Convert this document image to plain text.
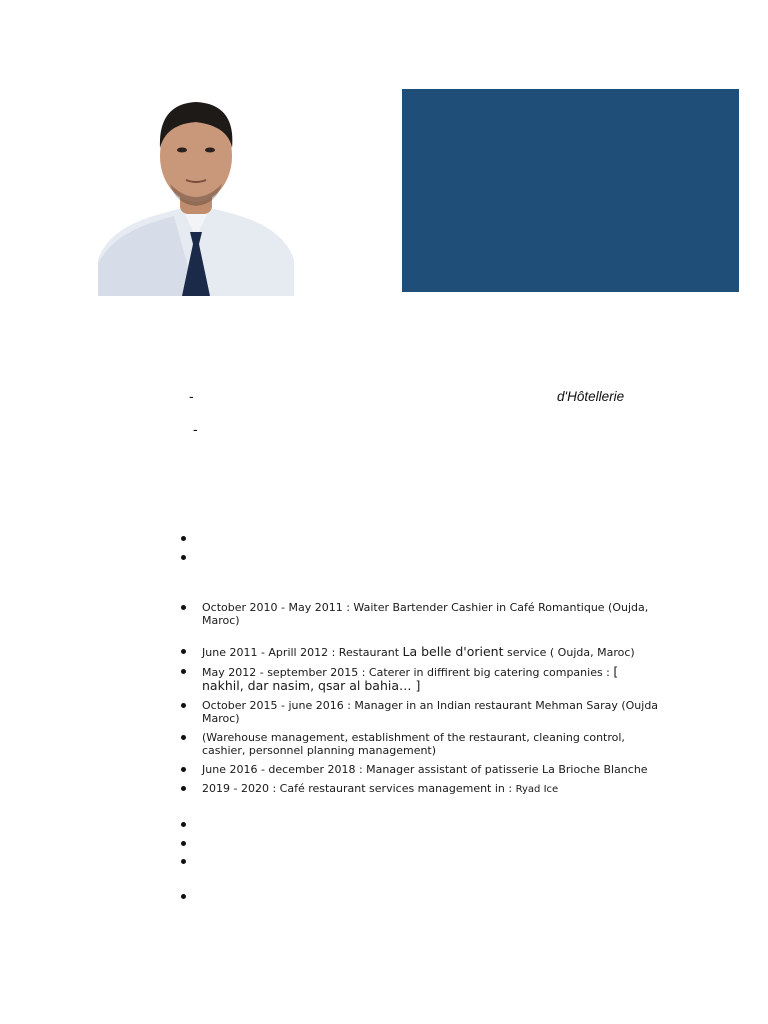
-	d'Hôtellerie
-
October 2010 - May 2011 : Waiter Bartender Cashier in Café Romantique (Oujda, Maroc)
June 2011 - Aprill 2012 : Restaurant La belle d'orient service ( Oujda, Maroc)
May 2012 - september 2015 : Caterer in diffirent big catering companies : [ nakhil, dar nasim, qsar al bahia… ]
October 2015 - june 2016 : Manager in an Indian restaurant Mehman Saray (Oujda Maroc)
(Warehouse management, establishment of the restaurant, cleaning control, cashier, personnel planning management)
June 2016 - december 2018 : Manager assistant of patisserie La Brioche Blanche
2019 - 2020 : Café restaurant services management in : Ryad Ice
